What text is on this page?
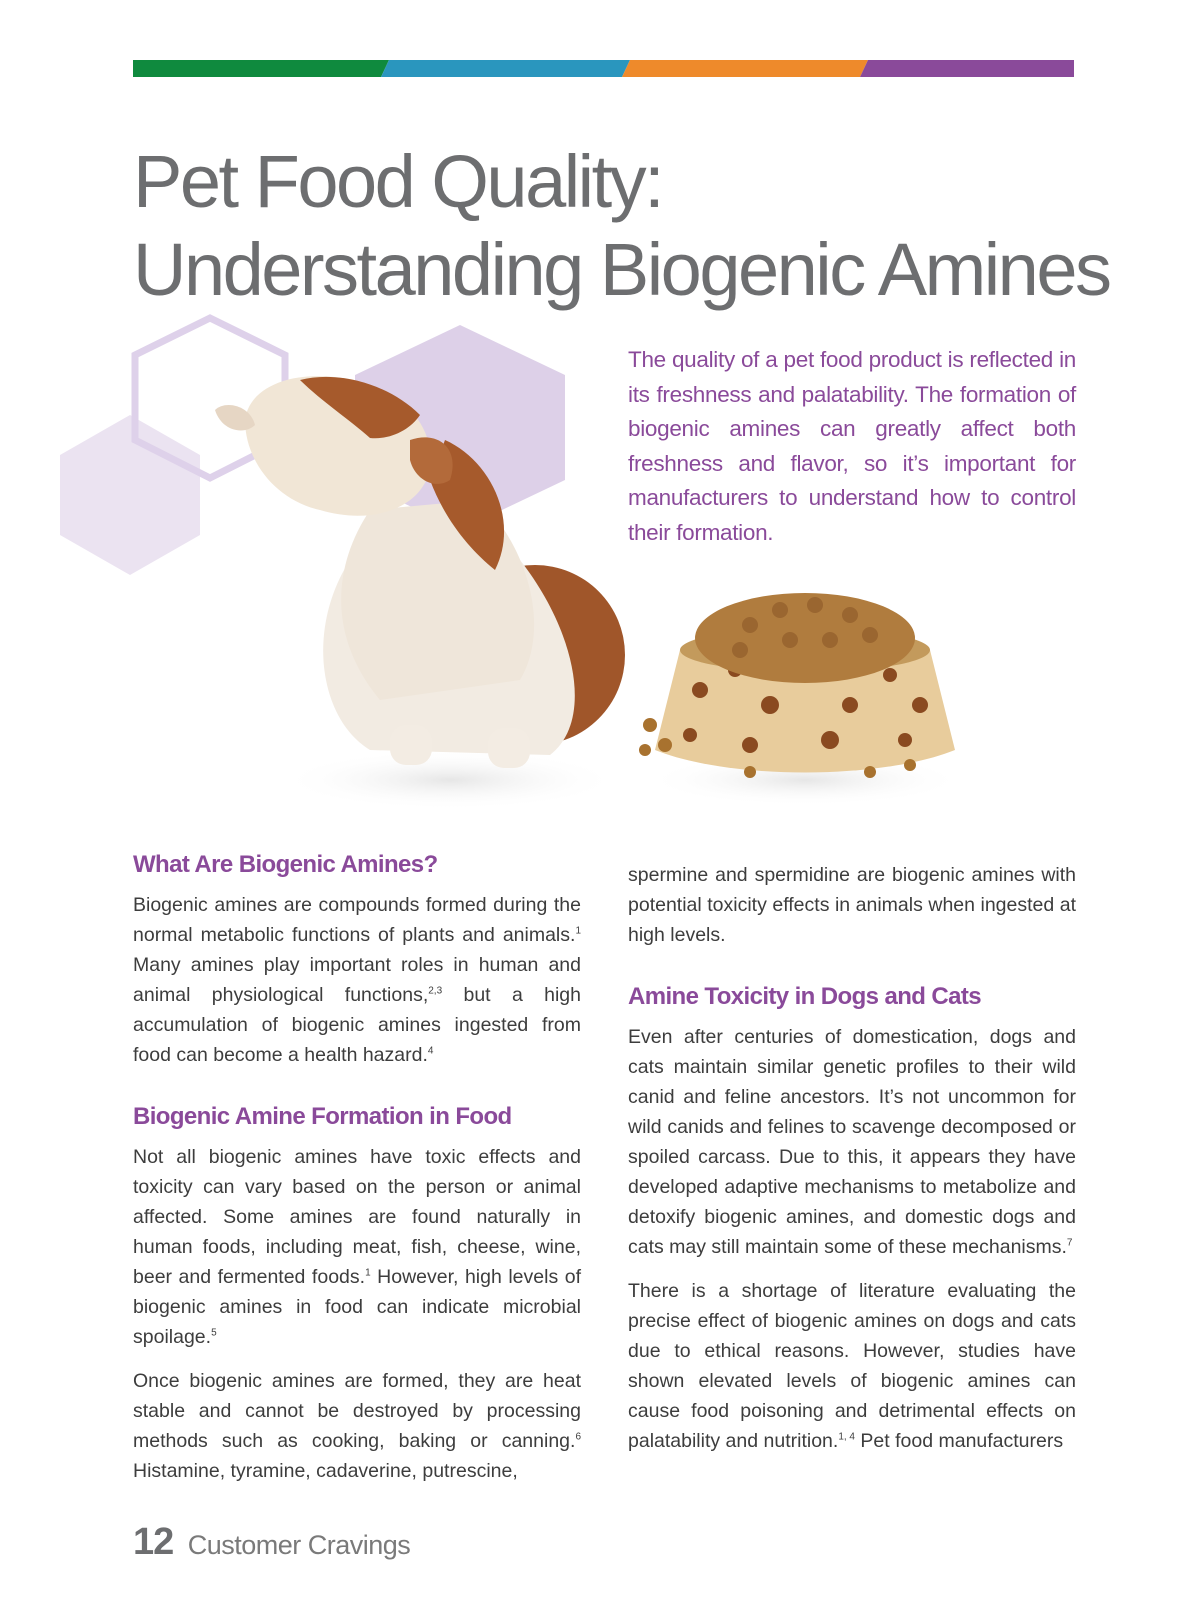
Pet Food Quality:
Understanding Biogenic Amines

The quality of a pet food product is reflected in its freshness and palatability. The formation of biogenic amines can greatly affect both freshness and flavor, so it’s important for manufacturers to understand how to control their formation.

What Are Biogenic Amines?

Biogenic amines are compounds formed during the normal metabolic functions of plants and animals.$^1$ Many amines play important roles in human and animal physiological functions,$^{2,3}$ but a high accumulation of biogenic amines ingested from food can become a health hazard.$^4$

Biogenic Amine Formation in Food

Not all biogenic amines have toxic effects and toxicity can vary based on the person or animal affected. Some amines are found naturally in human foods, including meat, fish, cheese, wine, beer and fermented foods.$^1$ However, high levels of biogenic amines in food can indicate microbial spoilage.$^5$

Once biogenic amines are formed, they are heat stable and cannot be destroyed by processing methods such as cooking, baking or canning.$^6$ Histamine, tyramine, cadaverine, putrescine,

spermine and spermidine are biogenic amines with potential toxicity effects in animals when ingested at high levels.

Amine Toxicity in Dogs and Cats

Even after centuries of domestication, dogs and cats maintain similar genetic profiles to their wild canid and feline ancestors. It’s not uncommon for wild canids and felines to scavenge decomposed or spoiled carcass. Due to this, it appears they have developed adaptive mechanisms to metabolize and detoxify biogenic amines, and domestic dogs and cats may still maintain some of these mechanisms.$^7$

There is a shortage of literature evaluating the precise effect of biogenic amines on dogs and cats due to ethical reasons. However, studies have shown elevated levels of biogenic amines can cause food poisoning and detrimental effects on palatability and nutrition.$^{1, 4}$ Pet food manufacturers

12 Customer Cravings
